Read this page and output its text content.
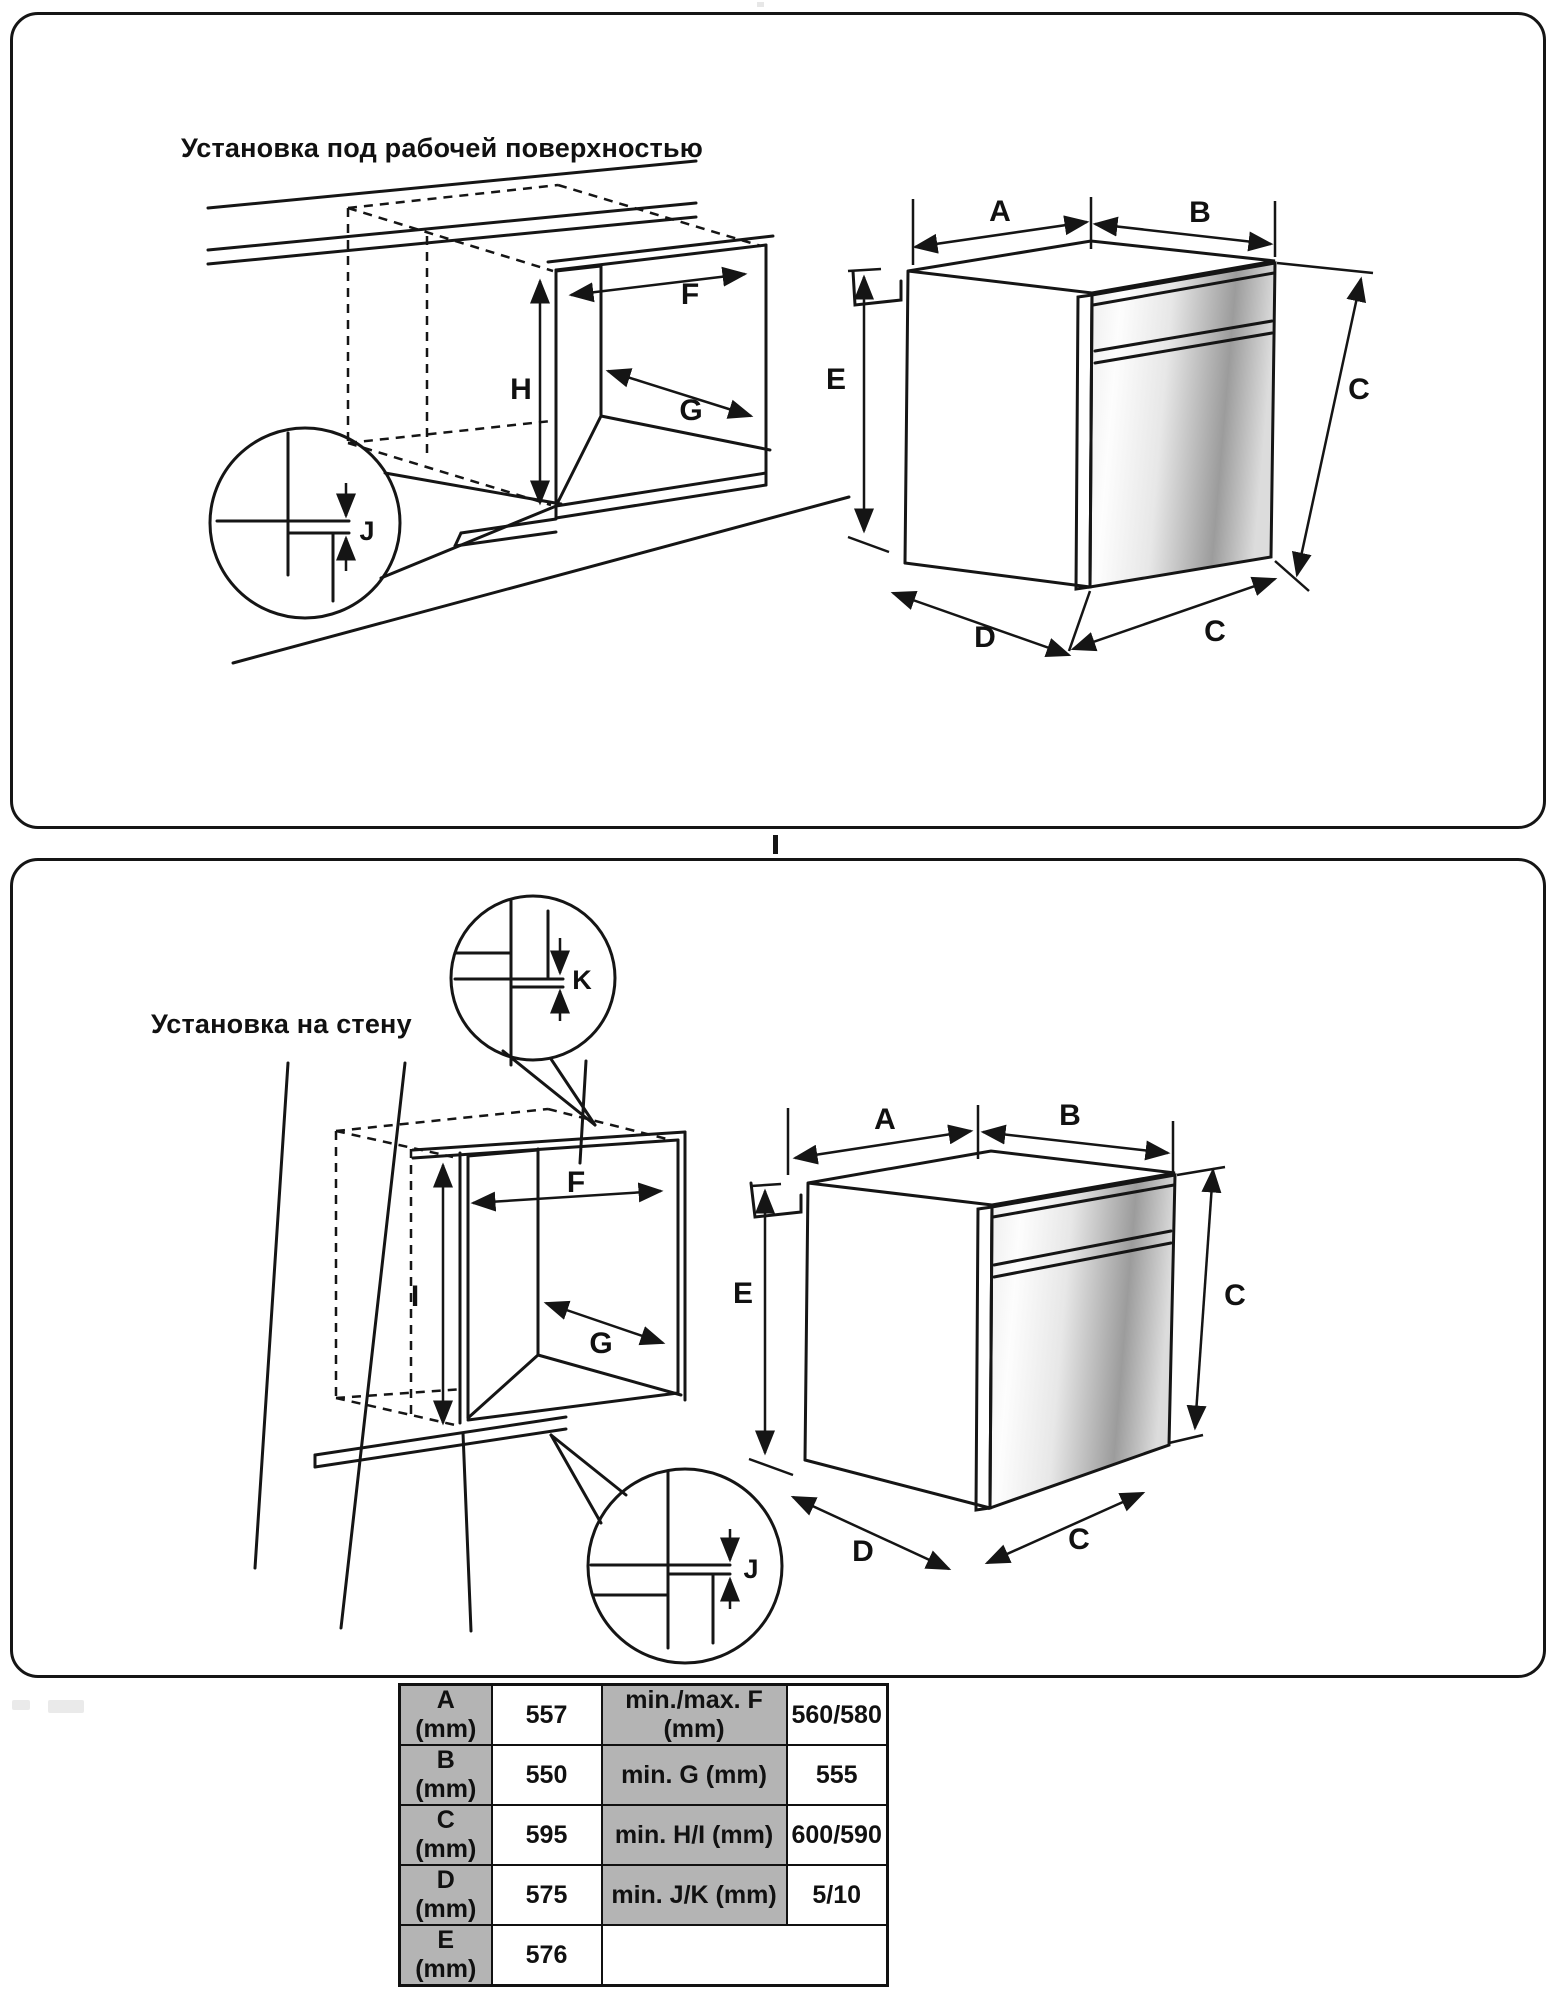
Установка под рабочей поверхностью
F
H
G
J
A	B
E	C
D	C
Установка на стену
K
F
I
G
J
A	B
E	C
D	C
A (mm)	557	min./max. F (mm)	560/580
B (mm)	550	min. G (mm)	555
C (mm)	595	min. H/I (mm)	600/590
D (mm)	575	min. J/K (mm)	5/10
E (mm)	576		
